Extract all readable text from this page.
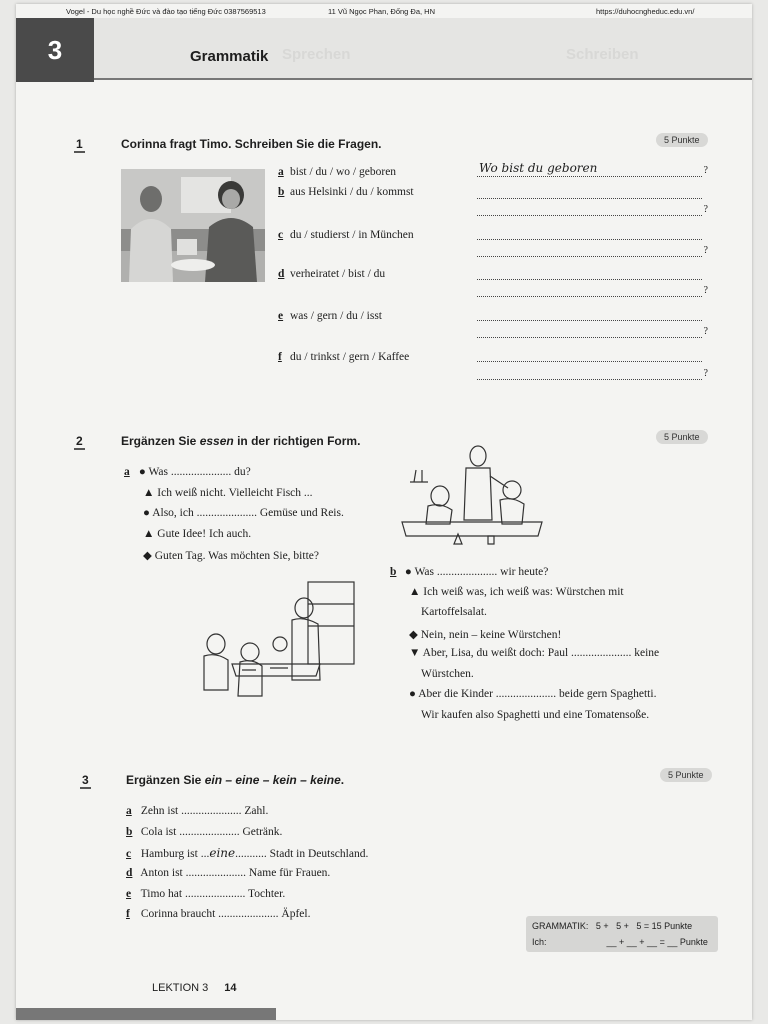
Vogel - Du học nghề Đức và đào tạo tiếng Đức 0387569513	11 Vũ Ngọc Phan, Đống Đa, HN	https://duhocngheduc.edu.vn/
3	Sprechen	Schreiben
Grammatik
1	Corinna fragt Timo. Schreiben Sie die Fragen.	5 Punkte
a bist / du / wo / geboren	Wo bist du geboren	?
b aus Helsinki / du / kommst
?
c du / studierst / in München
?
d verheiratet / bist / du
?
e was / gern / du / isst
?
f du / trinkst / gern / Kaffee
?
2	Ergänzen Sie essen in der richtigen Form.	5 Punkte
a ● Was ..................... du?
▲ Ich weiß nicht. Vielleicht Fisch ...
● Also, ich ..................... Gemüse und Reis.
▲ Gute Idee! Ich auch.
◆ Guten Tag. Was möchten Sie, bitte?
b ● Was ..................... wir heute?
▲ Ich weiß was, ich weiß was: Würstchen mit
Kartoffelsalat.
◆ Nein, nein – keine Würstchen!
▼ Aber, Lisa, du weißt doch: Paul ..................... keine
Würstchen.
● Aber die Kinder ..................... beide gern Spaghetti.
Wir kaufen also Spaghetti und eine Tomatensoße.
3	Ergänzen Sie ein – eine – kein – keine.	5 Punkte
a Zehn ist ..................... Zahl.
b Cola ist ..................... Getränk.
c Hamburg ist ...eine........... Stadt in Deutschland.
d Anton ist ..................... Name für Frauen.
e Timo hat ..................... Tochter.
f Corinna braucht ..................... Äpfel.
GRAMMATIK:   5 +   5 +   5 = 15 Punkte
Ich:                        __ + __ + __ = __ Punkte
LEKTION 3 14
